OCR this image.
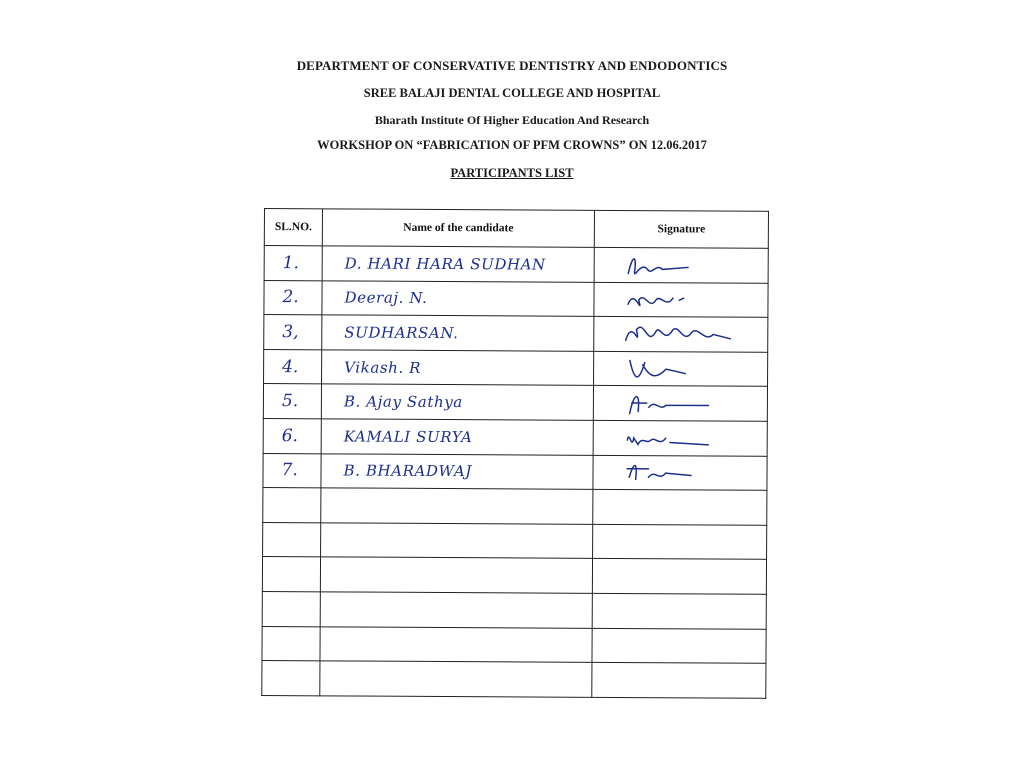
DEPARTMENT OF CONSERVATIVE DENTISTRY AND ENDODONTICS
SREE BALAJI DENTAL COLLEGE AND HOSPITAL
Bharath Institute Of Higher Education And Research
WORKSHOP ON “FABRICATION OF PFM CROWNS” ON 12.06.2017
PARTICIPANTS LIST
SL.NO.	Name of the candidate	Signature

1.	D. HARI HARA SUDHAN

2.	Deeraj. N.

3,	SUDHARSAN.

4.	Vikash. R

5.	B. Ajay Sathya

6.	KAMALI SURYA

7.	B. BHARADWAJ
